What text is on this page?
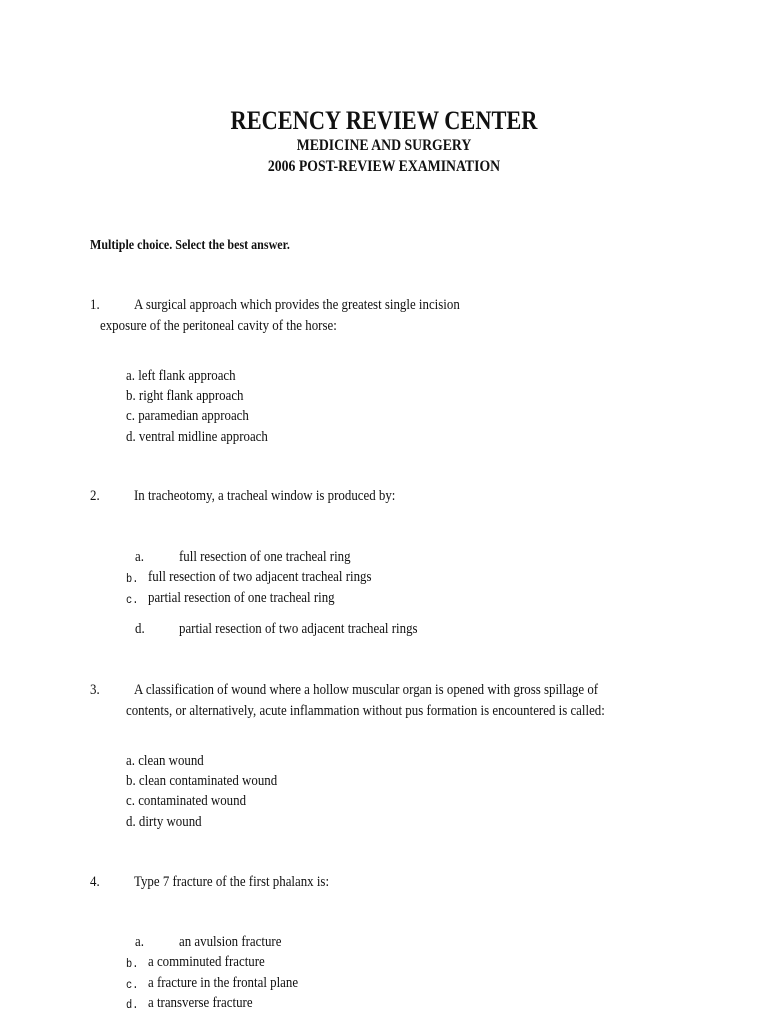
RECENCY REVIEW CENTER
MEDICINE AND SURGERY
2006 POST-REVIEW EXAMINATION
Multiple choice. Select the best answer.
1. A surgical approach which provides the greatest single incision
exposure of the peritoneal cavity of the horse:
a. left flank approach
b. right flank approach
c. paramedian approach
d. ventral midline approach
2. In tracheotomy, a tracheal window is produced by:
a. full resection of one tracheal ring
b. full resection of two adjacent tracheal rings
c. partial resection of one tracheal ring
d. partial resection of two adjacent tracheal rings
3. A classification of wound where a hollow muscular organ is opened with gross spillage of
contents, or alternatively, acute inflammation without pus formation is encountered is called:
a. clean wound
b. clean contaminated wound
c. contaminated wound
d. dirty wound
4. Type 7 fracture of the first phalanx is:
a. an avulsion fracture
b. a comminuted fracture
c. a fracture in the frontal plane
d. a transverse fracture
